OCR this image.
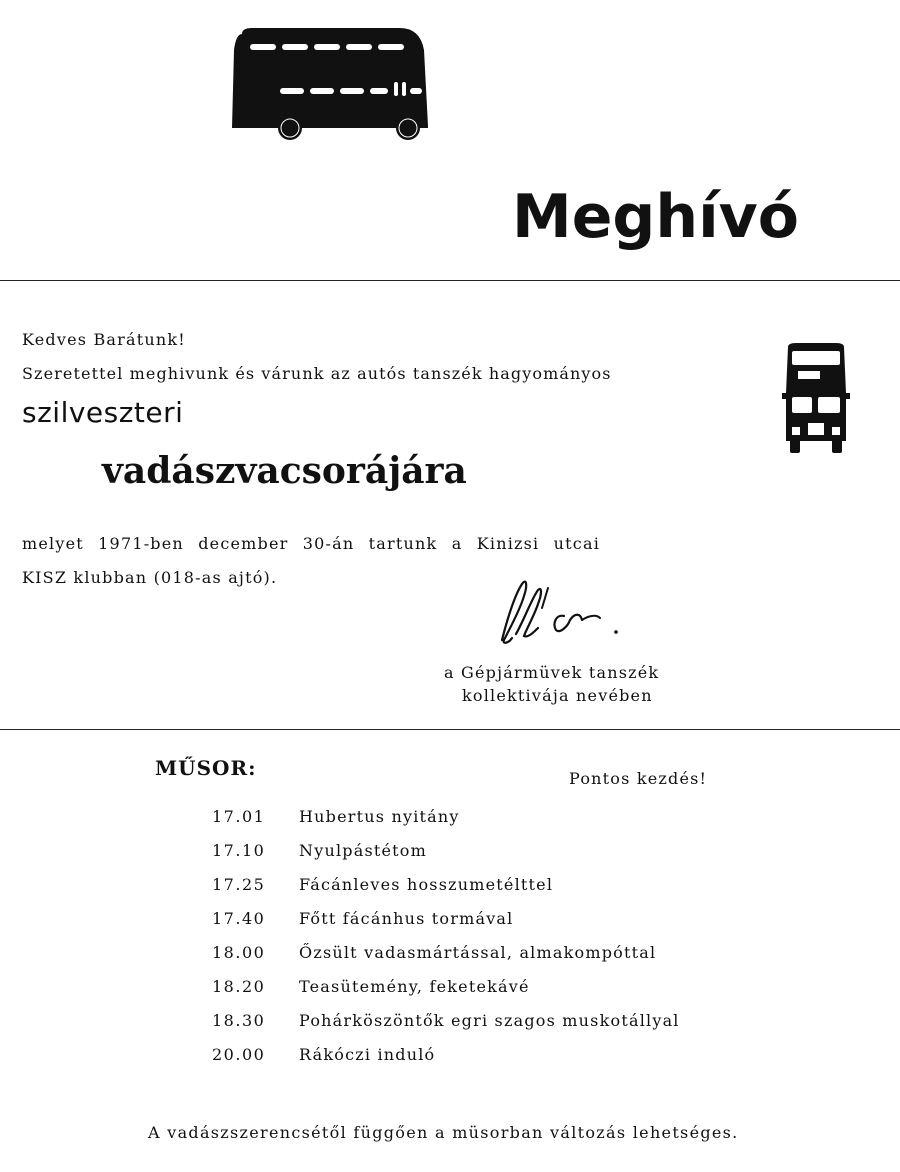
Meghívó
Kedves Barátunk!
Szeretettel meghivunk és várunk az autós tanszék hagyományos
szilveszteri
vadászvacsorájára
melyet 1971-ben december 30-án tartunk a Kinizsi utcai
KISZ klubban (018-as ajtó).
a Gépjármüvek tanszék
kollektivája nevében
MŰSOR:	Pontos kezdés!
17.01 Hubertus nyitány
17.10 Nyulpástétom
17.25 Fácánleves hosszumetélttel
17.40 Főtt fácánhus tormával
18.00 Őzsült vadasmártással, almakompóttal
18.20 Teasütemény, feketekávé
18.30 Pohárköszöntők egri szagos muskotállyal
20.00 Rákóczi induló
A vadászszerencsétől függően a müsorban változás lehetséges.
